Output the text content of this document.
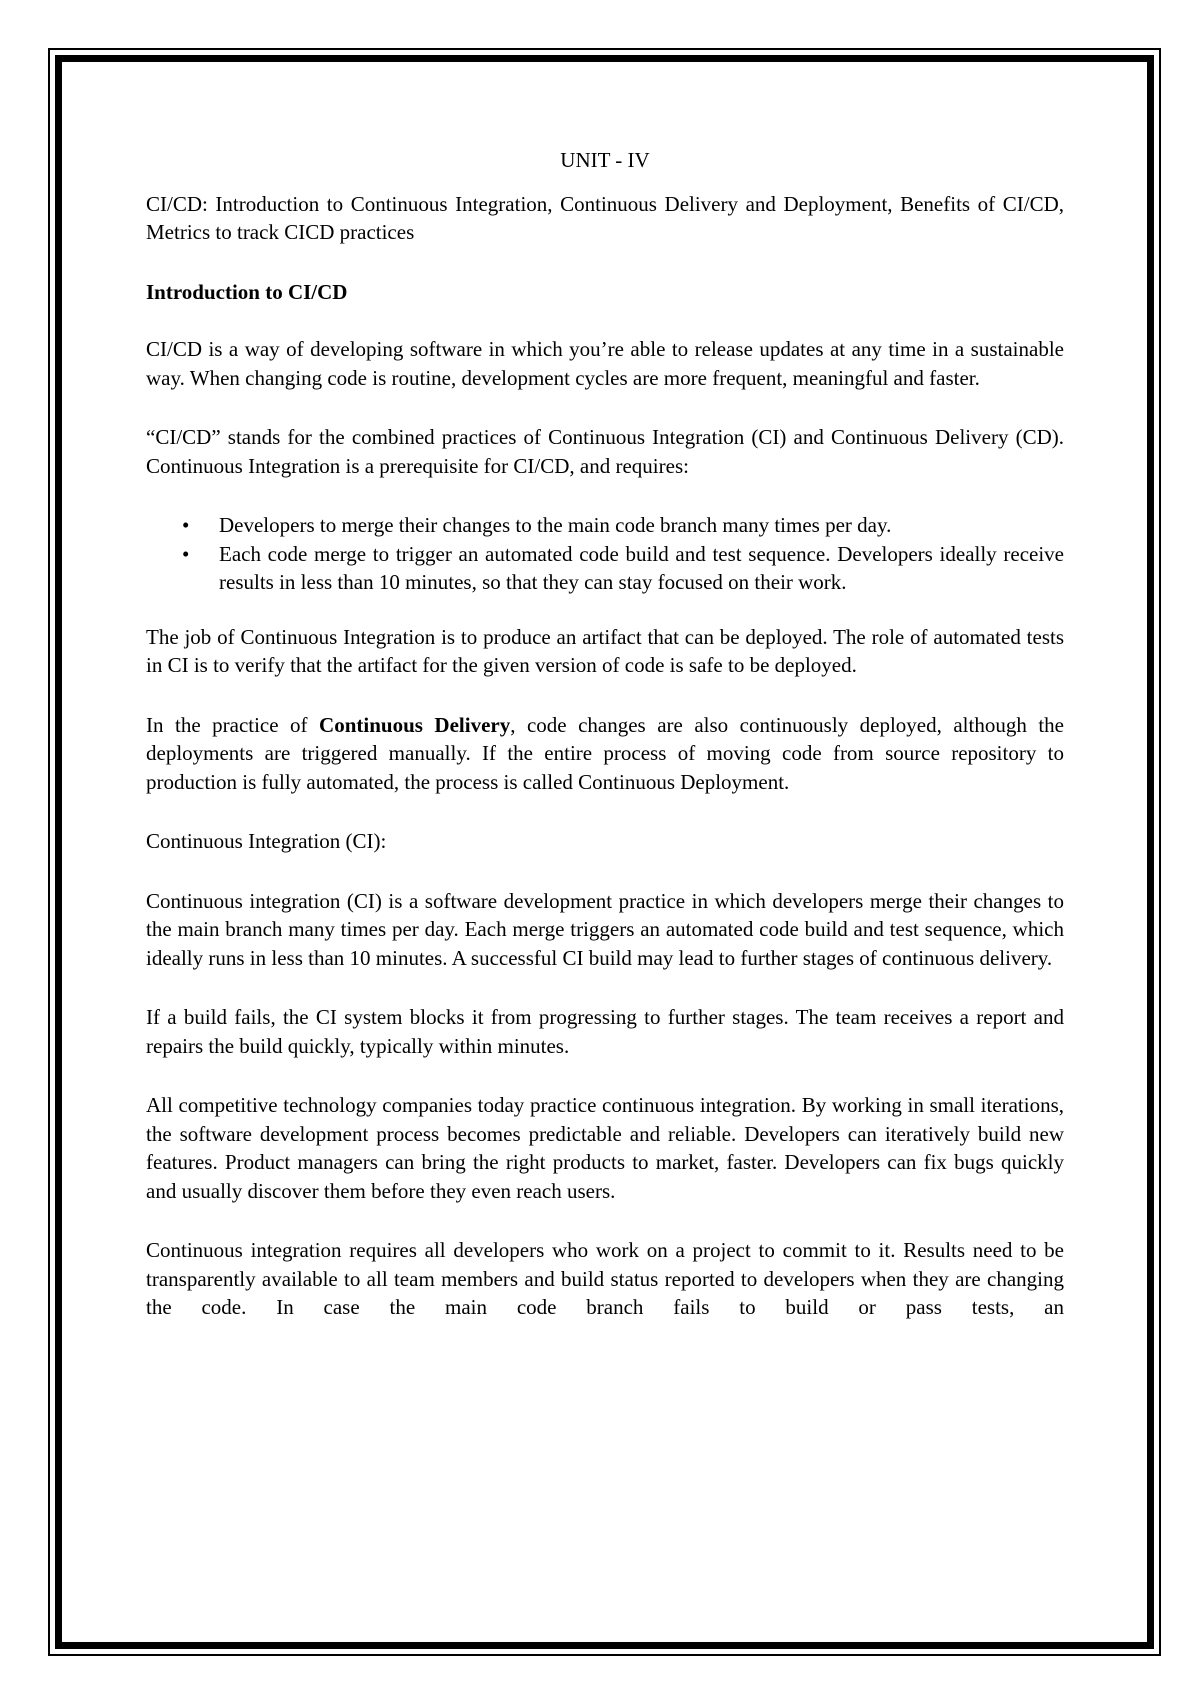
UNIT - IV

CI/CD: Introduction to Continuous Integration, Continuous Delivery and Deployment, Benefits of CI/CD, Metrics to track CICD practices

Introduction to CI/CD

CI/CD is a way of developing software in which you’re able to release updates at any time in a sustainable way. When changing code is routine, development cycles are more frequent, meaningful and faster.

“CI/CD” stands for the combined practices of Continuous Integration (CI) and Continuous Delivery (CD). Continuous Integration is a prerequisite for CI/CD, and requires:

• Developers to merge their changes to the main code branch many times per day.
• Each code merge to trigger an automated code build and test sequence. Developers ideally receive results in less than 10 minutes, so that they can stay focused on their work.

The job of Continuous Integration is to produce an artifact that can be deployed. The role of automated tests in CI is to verify that the artifact for the given version of code is safe to be deployed.

In the practice of Continuous Delivery, code changes are also continuously deployed, although the deployments are triggered manually. If the entire process of moving code from source repository to production is fully automated, the process is called Continuous Deployment.

Continuous Integration (CI):

Continuous integration (CI) is a software development practice in which developers merge their changes to the main branch many times per day. Each merge triggers an automated code build and test sequence, which ideally runs in less than 10 minutes. A successful CI build may lead to further stages of continuous delivery.

If a build fails, the CI system blocks it from progressing to further stages. The team receives a report and repairs the build quickly, typically within minutes.

All competitive technology companies today practice continuous integration. By working in small iterations, the software development process becomes predictable and reliable. Developers can iteratively build new features. Product managers can bring the right products to market, faster. Developers can fix bugs quickly and usually discover them before they even reach users.

Continuous integration requires all developers who work on a project to commit to it. Results need to be transparently available to all team members and build status reported to developers when they are changing the code. In case the main code branch fails to build or pass tests, an
